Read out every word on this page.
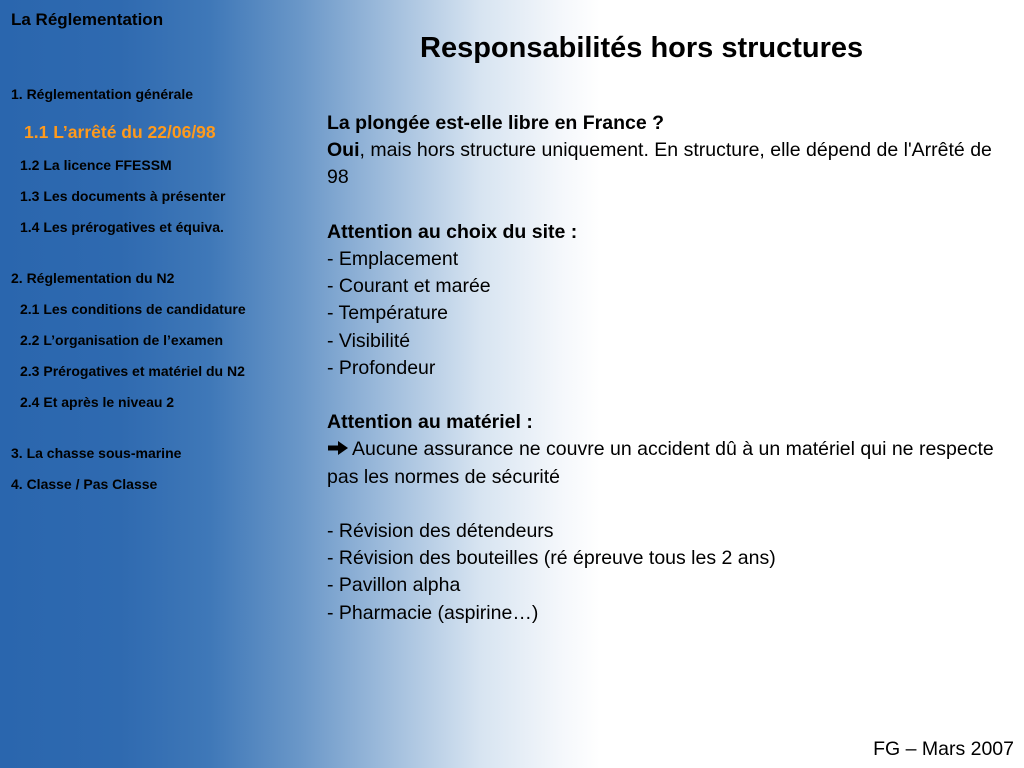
La Réglementation
1. Réglementation générale
1.1 L’arrêté du 22/06/98
1.2 La licence FFESSM
1.3 Les documents à présenter
1.4 Les prérogatives et équiva.
2. Réglementation du N2
2.1 Les conditions de candidature
2.2 L’organisation de l’examen
2.3 Prérogatives et matériel du N2
2.4 Et après le niveau 2
3. La chasse sous-marine
4. Classe / Pas Classe
Responsabilités hors structures

La plongée est-elle libre en France ?

Oui, mais hors structure uniquement. En structure, elle dépend de l'Arrêté de 98

Attention au choix du site :

- Emplacement

- Courant et marée

- Température

- Visibilité

- Profondeur

Attention au matériel :

Aucune assurance ne couvre un accident dû à un matériel qui ne respecte pas les normes de sécurité

- Révision des détendeurs

- Révision des bouteilles (ré épreuve tous les 2 ans)

- Pavillon alpha

- Pharmacie (aspirine…)

FG – Mars 2007
